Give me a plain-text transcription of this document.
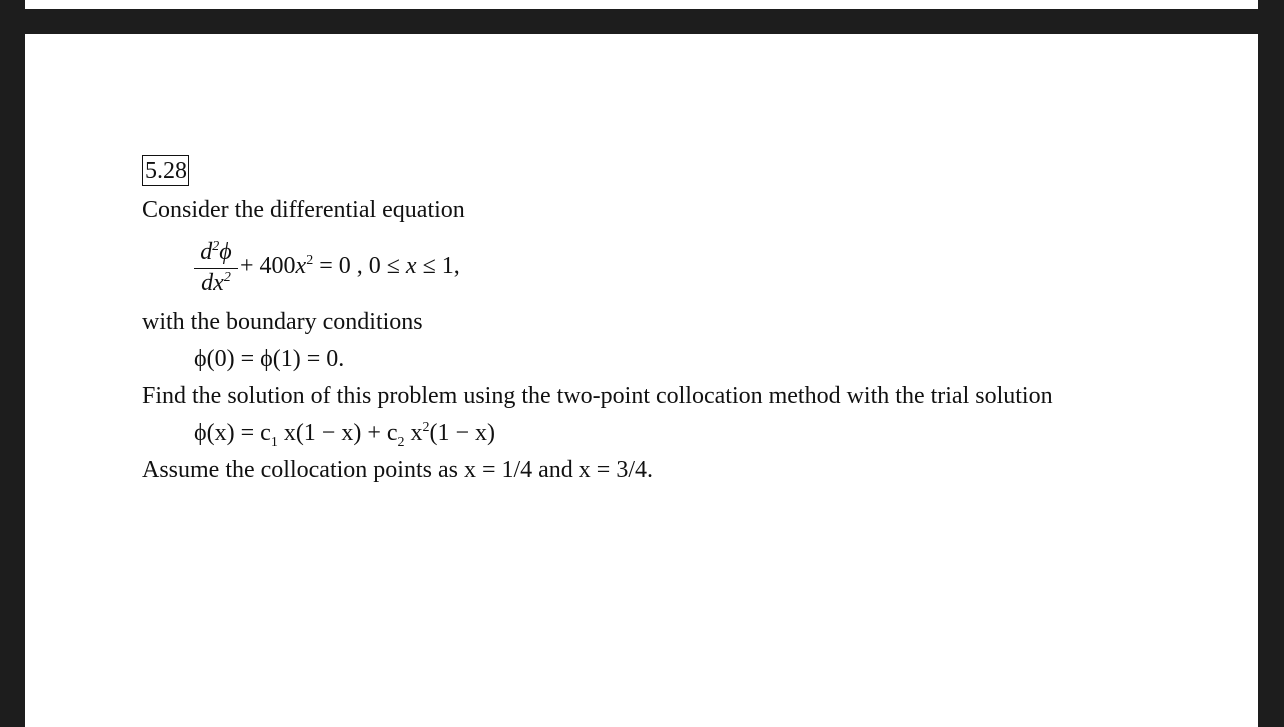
5.28
Consider the differential equation
$d^2\phi$
$dx^2 + 400x^2 = 0$ , 0 ≤ x ≤ 1,
with the boundary conditions
ϕ(0) = ϕ(1) = 0.
Find the solution of this problem using the two-point collocation method with the trial solution
$\phi(x) = c_1$ $x(1 - x) + c_2$ $x^2(1 - x)$
Assume the collocation points as x = 1/4 and x = 3/4.
